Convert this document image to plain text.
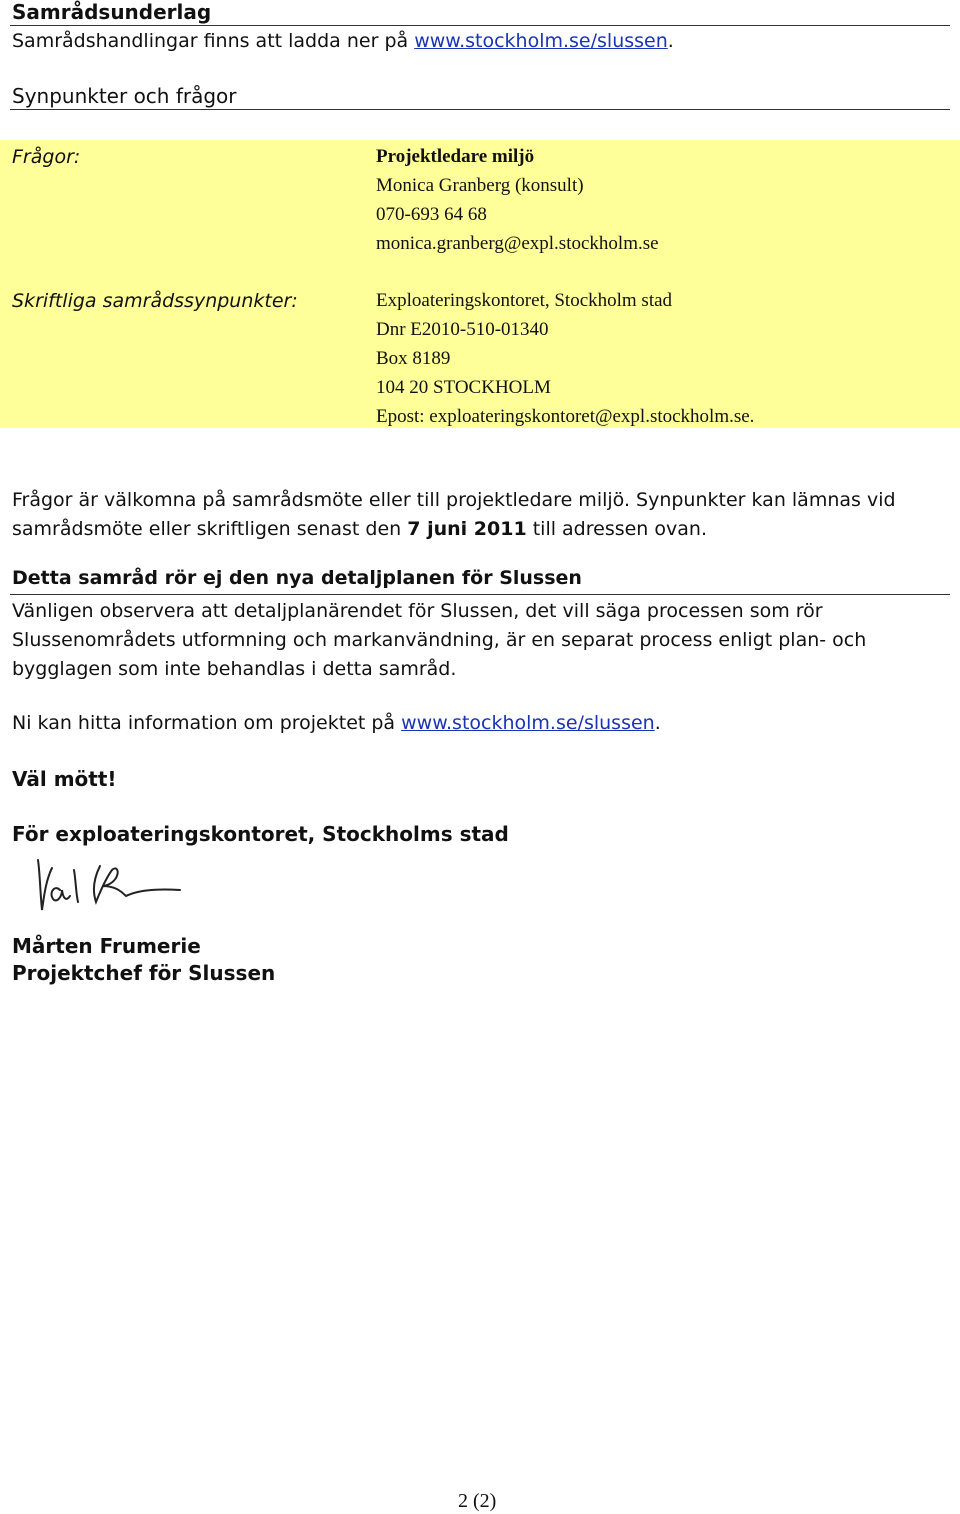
Samrådsunderlag
Samrådshandlingar finns att ladda ner på www.stockholm.se/slussen.
Synpunkter och frågor
Frågor:	Projektledare miljö
Monica Granberg (konsult)
070-693 64 68
monica.granberg@expl.stockholm.se
Skriftliga samrådssynpunkter:	Exploateringskontoret, Stockholm stad
Dnr E2010-510-01340
Box 8189
104 20 STOCKHOLM
Epost: exploateringskontoret@expl.stockholm.se.
Frågor är välkomna på samrådsmöte eller till projektledare miljö. Synpunkter kan lämnas vid
samrådsmöte eller skriftligen senast den 7 juni 2011 till adressen ovan.
Detta samråd rör ej den nya detaljplanen för Slussen
Vänligen observera att detaljplanärendet för Slussen, det vill säga processen som rör
Slussenområdets utformning och markanvändning, är en separat process enligt plan- och
bygglagen som inte behandlas i detta samråd.
Ni kan hitta information om projektet på www.stockholm.se/slussen.
Väl mött!
För exploateringskontoret, Stockholms stad
Mårten Frumerie
Projektchef för Slussen
2 (2)
